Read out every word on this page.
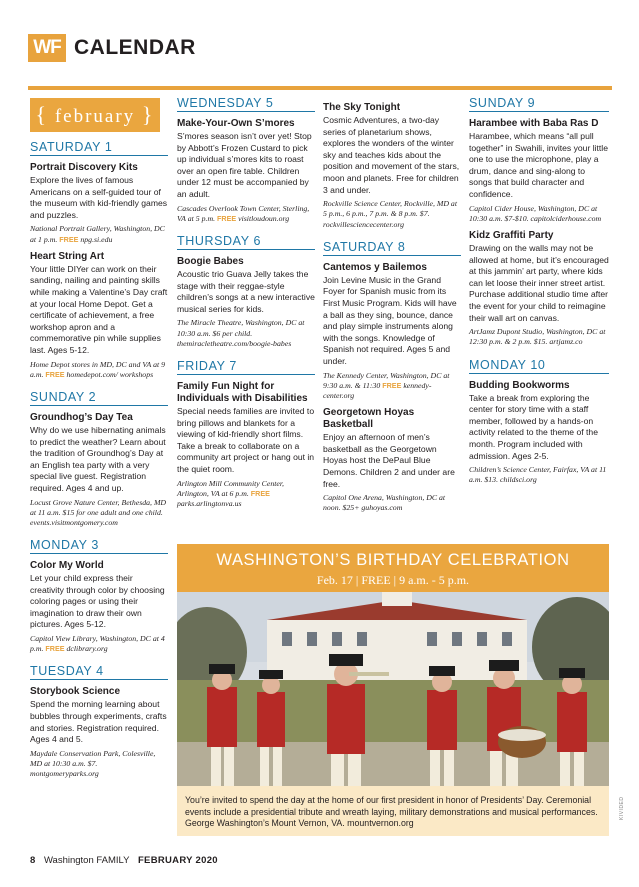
WF CALENDAR
{ february }
SATURDAY 1
Portrait Discovery Kits
Explore the lives of famous Americans on a self-guided tour of the museum with kid-friendly games and puzzles.
National Portrait Gallery, Washington, DC at 1 p.m. FREE npg.si.edu
Heart String Art
Your little DIYer can work on their sanding, nailing and painting skills while making a Valentine’s Day craft at your local Home Depot. Get a certificate of achievement, a free workshop apron and a commemorative pin while supplies last. Ages 5-12.
Home Depot stores in MD, DC and VA at 9 a.m. FREE homedepot.com/ workshops
SUNDAY 2
Groundhog’s Day Tea
Why do we use hibernating animals to predict the weather? Learn about the tradition of Groundhog’s Day at an English tea party with a very special live guest. Registration required. Ages 4 and up.
Locust Grove Nature Center, Bethesda, MD at 11 a.m. $15 for one adult and one child. events.visitmontgomery.com
MONDAY 3
Color My World
Let your child express their creativity through color by choosing coloring pages or using their imagination to draw their own pictures. Ages 5-12.
Capitol View Library, Washington, DC at 4 p.m. FREE dclibrary.org
TUESDAY 4
Storybook Science
Spend the morning learning about bubbles through experiments, crafts and stories. Registration required. Ages 4 and 5.
Maydale Conservation Park, Colesville, MD at 10:30 a.m. $7. montgomeryparks.org
WEDNESDAY 5
Make-Your-Own S’mores
S’mores season isn’t over yet! Stop by Abbott’s Frozen Custard to pick up individual s’mores kits to roast over an open fire table. Children under 12 must be accompanied by an adult.
Cascades Overlook Town Center, Sterling, VA at 5 p.m. FREE visitloudoun.org
THURSDAY 6
Boogie Babes
Acoustic trio Guava Jelly takes the stage with their reggae-style children’s songs at a new interactive musical series for kids.
The Miracle Theatre, Washington, DC at 10:30 a.m. $6 per child. themiracletheatre.com/boogie-babes
FRIDAY 7
Family Fun Night for Individuals with Disabilities
Special needs families are invited to bring pillows and blankets for a viewing of kid-friendly short films. Take a break to collaborate on a community art project or hang out in the quiet room.
Arlington Mill Community Center, Arlington, VA at 6 p.m. FREE parks.arlingtonva.us
The Sky Tonight
Cosmic Adventures, a two-day series of planetarium shows, explores the wonders of the winter sky and teaches kids about the position and movement of the stars, moon and planets. Free for children 3 and under.
Rockville Science Center, Rockville, MD at 5 p.m., 6 p.m., 7 p.m. & 8 p.m. $7. rockvillesciencecenter.org
SATURDAY 8
Cantemos y Bailemos
Join Levine Music in the Grand Foyer for Spanish music from its First Music Program. Kids will have a ball as they sing, bounce, dance and play simple instruments along with the songs. Knowledge of Spanish not required. Ages 5 and under.
The Kennedy Center, Washington, DC at 9:30 a.m. & 11:30 FREE kennedy-center.org
Georgetown Hoyas Basketball
Enjoy an afternoon of men’s basketball as the Georgetown Hoyas host the DePaul Blue Demons. Children 2 and under are free.
Capitol One Arena, Washington, DC at noon. $25+ guhoyas.com
SUNDAY 9
Harambee with Baba Ras D
Harambee, which means “all pull together” in Swahili, invites your little one to use the microphone, play a drum, dance and sing-along to songs that build character and confidence.
Capitol Cider House, Washington, DC at 10:30 a.m. $7-$10. capitolciderhouse.com
Kidz Graffiti Party
Drawing on the walls may not be allowed at home, but it’s encouraged at this jammin’ art party, where kids can let loose their inner street artist. Purchase additional studio time after the event for your child to reimagine their wall art on canvas.
ArtJamz Dupont Studio, Washington, DC at 12:30 p.m. & 2 p.m. $15. artjamz.co
MONDAY 10
Budding Bookworms
Take a break from exploring the center for story time with a staff member, followed by a hands-on activity related to the theme of the month. Program included with admission. Ages 2-5.
Children’s Science Center, Fairfax, VA at 11 a.m. $13. childsci.org
WASHINGTON’S BIRTHDAY CELEBRATION
Feb. 17 | FREE | 9 a.m. - 5 p.m.
You’re invited to spend the day at the home of our first president in honor of Presidents’ Day. Ceremonial events include a presidential tribute and wreath laying, military demonstrations and musical performances. George Washington’s Mount Vernon, VA. mountvernon.org
8 Washington FAMILY FEBRUARY 2020
KIVIDED
